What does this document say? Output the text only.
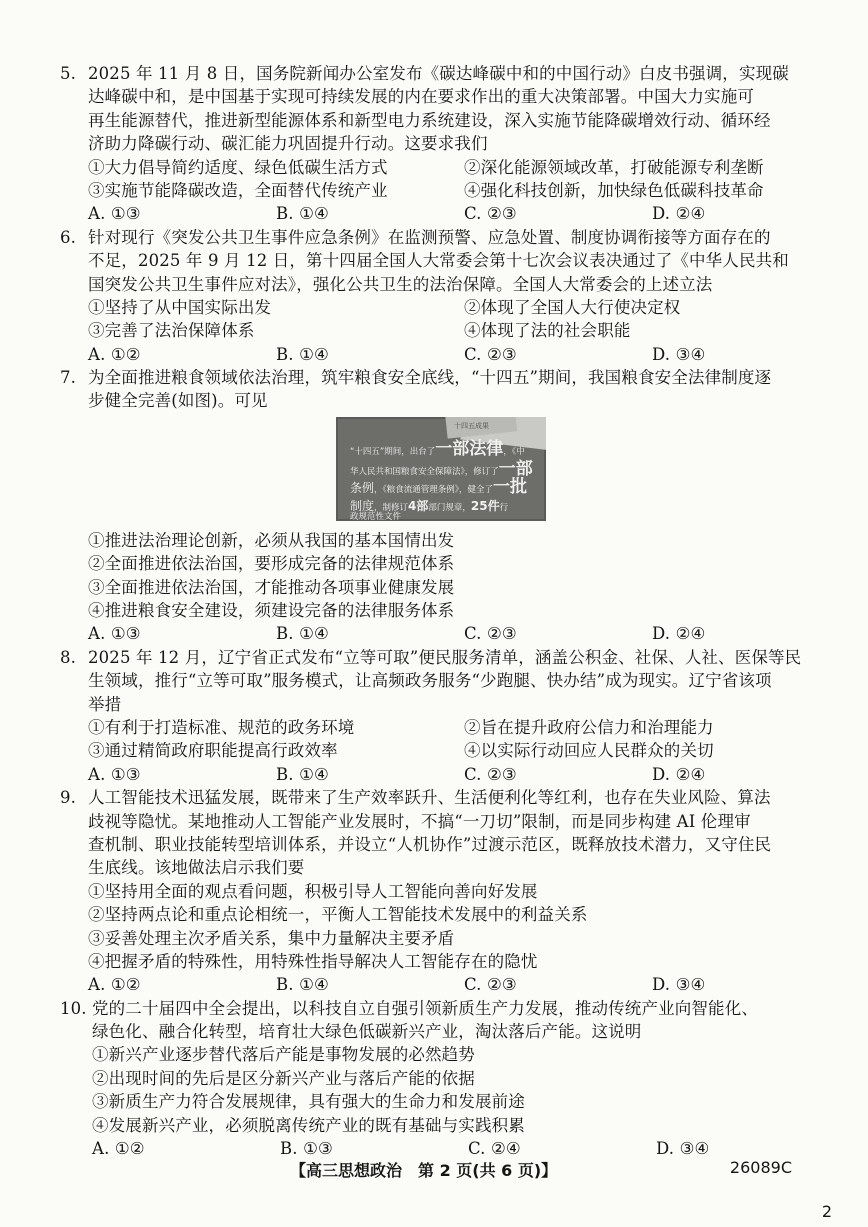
5. 2025 年 11 月 8 日，国务院新闻办公室发布《碳达峰碳中和的中国行动》白皮书强调，实现碳
达峰碳中和，是中国基于实现可持续发展的内在要求作出的重大决策部署。中国大力实施可
再生能源替代，推进新型能源体系和新型电力系统建设，深入实施节能降碳增效行动、循环经
济助力降碳行动、碳汇能力巩固提升行动。这要求我们
①大力倡导简约适度、绿色低碳生活方式	②深化能源领域改革，打破能源专利垄断
③实施节能降碳改造，全面替代传统产业	④强化科技创新，加快绿色低碳科技革命
A. ①③	B. ①④	C. ②③	D. ②④
6. 针对现行《突发公共卫生事件应急条例》在监测预警、应急处置、制度协调衔接等方面存在的
不足，2025 年 9 月 12 日，第十四届全国人大常委会第十七次会议表决通过了《中华人民共和
国突发公共卫生事件应对法》，强化公共卫生的法治保障。全国人大常委会的上述立法
①坚持了从中国实际出发	②体现了全国人大行使决定权
③完善了法治保障体系	④体现了法的社会职能
A. ①②	B. ①④	C. ②③	D. ③④
7. 为全面推进粮食领域依法治理，筑牢粮食安全底线，“十四五”期间，我国粮食安全法律制度逐
步健全完善(如图)。可见
十四五成果
“十四五”期间，出台了一部法律，《中
华人民共和国粮食安全保障法》，修订了一部
条例，《粮食流通管理条例》，健全了一批
制度，制修订4部部门规章，25件行
政规范性文件
①推进法治理论创新，必须从我国的基本国情出发
②全面推进依法治国，要形成完备的法律规范体系
③全面推进依法治国，才能推动各项事业健康发展
④推进粮食安全建设，须建设完备的法律服务体系
A. ①③	B. ①④	C. ②③	D. ②④
8. 2025 年 12 月，辽宁省正式发布“立等可取”便民服务清单，涵盖公积金、社保、人社、医保等民
生领域，推行“立等可取”服务模式，让高频政务服务“少跑腿、快办结”成为现实。辽宁省该项
举措
①有利于打造标准、规范的政务环境	②旨在提升政府公信力和治理能力
③通过精简政府职能提高行政效率	④以实际行动回应人民群众的关切
A. ①③	B. ①④	C. ②③	D. ②④
9. 人工智能技术迅猛发展，既带来了生产效率跃升、生活便利化等红利，也存在失业风险、算法
歧视等隐忧。某地推动人工智能产业发展时，不搞“一刀切”限制，而是同步构建 AI 伦理审
查机制、职业技能转型培训体系，并设立“人机协作”过渡示范区，既释放技术潜力，又守住民
生底线。该地做法启示我们要
①坚持用全面的观点看问题，积极引导人工智能向善向好发展
②坚持两点论和重点论相统一，平衡人工智能技术发展中的利益关系
③妥善处理主次矛盾关系，集中力量解决主要矛盾
④把握矛盾的特殊性，用特殊性指导解决人工智能存在的隐忧
A. ①②	B. ①④	C. ②③	D. ③④
10. 党的二十届四中全会提出，以科技自立自强引领新质生产力发展，推动传统产业向智能化、
绿色化、融合化转型，培育壮大绿色低碳新兴产业，淘汰落后产能。这说明
①新兴产业逐步替代落后产能是事物发展的必然趋势
②出现时间的先后是区分新兴产业与落后产能的依据
③新质生产力符合发展规律，具有强大的生命力和发展前途
④发展新兴产业，必须脱离传统产业的既有基础与实践积累
A. ①②	B. ①③	C. ②④	D. ③④
【高三思想政治　第 2 页(共 6 页)】	26089C
2
